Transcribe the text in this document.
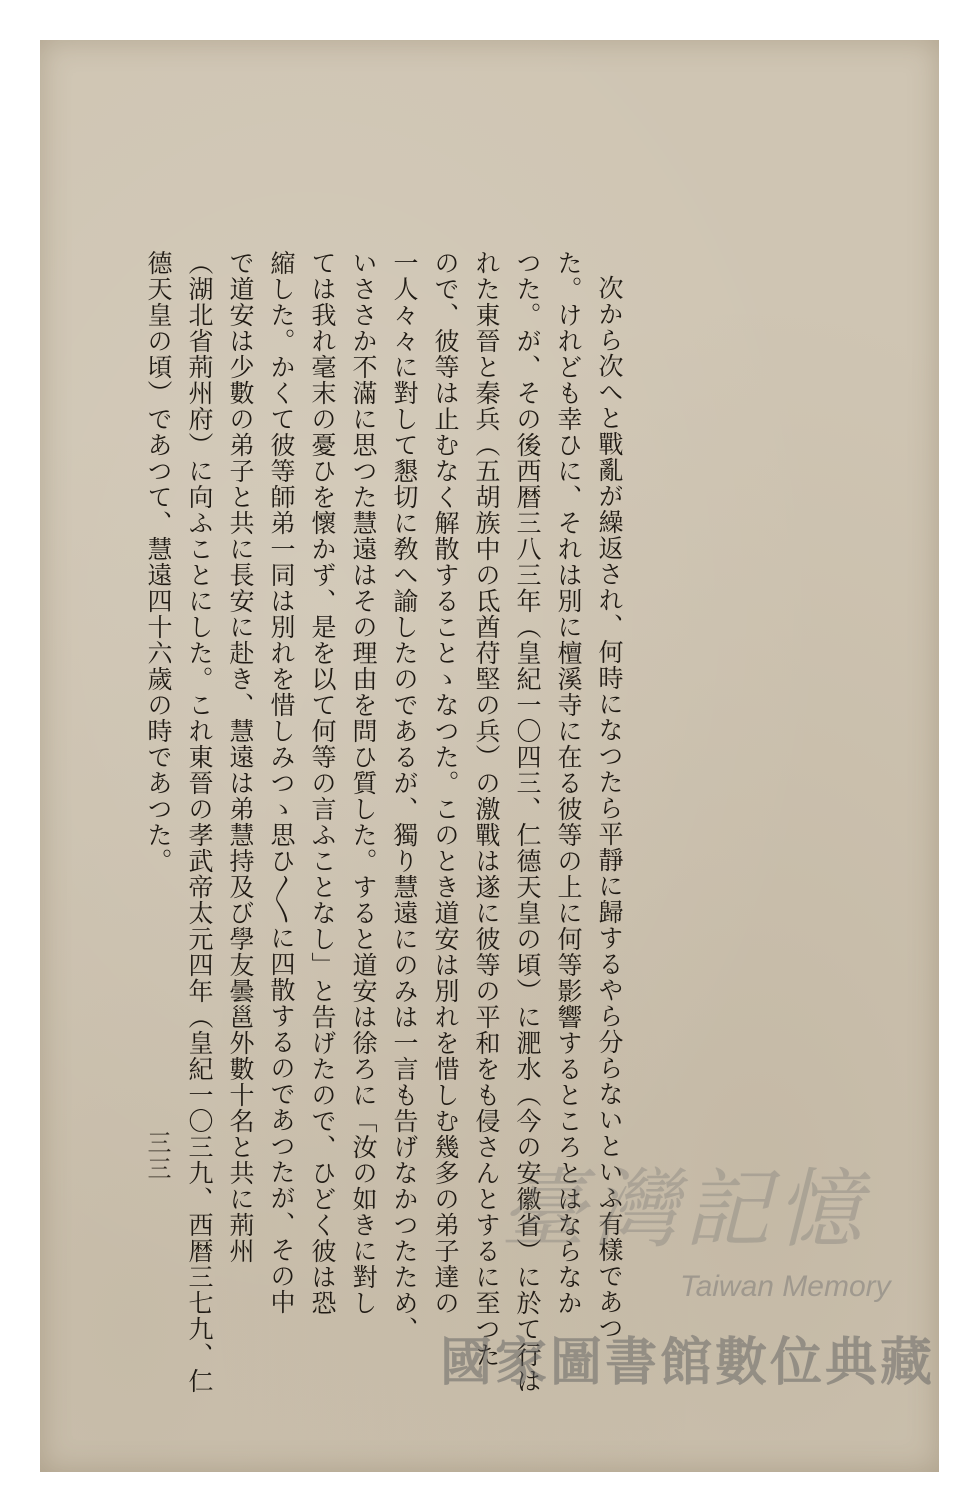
次から次へと戰亂が繰返され、何時になつたら平靜に歸するやら分らないといふ有樣であつ
た。けれども幸ひに、それは別に檀溪寺に在る彼等の上に何等影響するところとはならなか
つた。が、その後西暦三八三年（皇紀一〇四三、仁德天皇の頃）に淝水（今の安徽省）に於て行は
れた東晉と秦兵（五胡族中の氐酋苻堅の兵）の激戰は遂に彼等の平和をも侵さんとするに至つた
ので、彼等は止むなく解散することゝなつた。このとき道安は別れを惜しむ幾多の弟子達の
一人々々に對して懇切に敎へ諭したのであるが、獨り慧遠にのみは一言も告げなかつたため、
いささか不滿に思つた慧遠はその理由を問ひ質した。すると道安は徐ろに「汝の如きに對し
ては我れ毫末の憂ひを懷かず、是を以て何等の言ふことなし」と告げたので、ひどく彼は恐
縮した。かくて彼等師弟一同は別れを惜しみつゝ思ひ〳〵に四散するのであつたが、その中
で道安は少數の弟子と共に長安に赴き、慧遠は弟慧持及び學友曇邕外數十名と共に荊州
（湖北省荊州府）に向ふことにした。これ東晉の孝武帝太元四年（皇紀一〇三九、西暦三七九、仁
德天皇の頃）であつて、慧遠四十六歲の時であつた。
三三
臺灣記憶
Taiwan Memory
國家圖書館數位典藏
